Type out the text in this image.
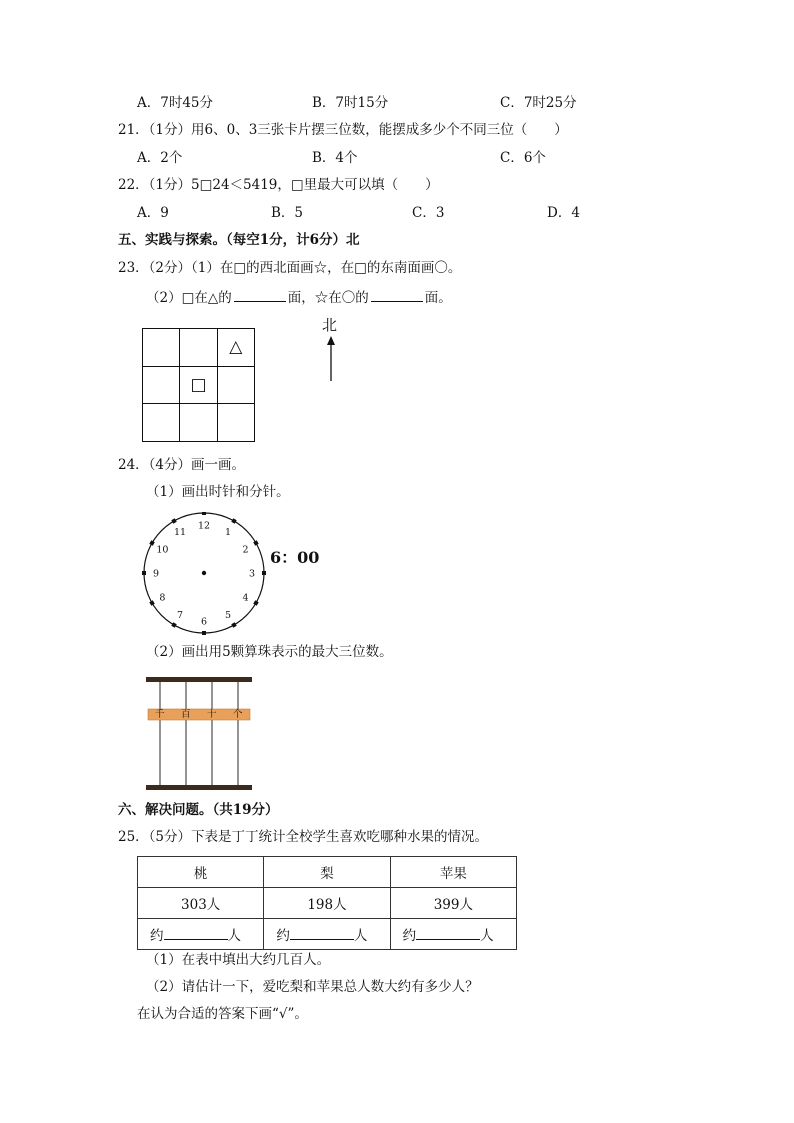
A．7时45分	B．7时15分	C．7时25分
21．（1分）用6、0、3三张卡片摆三位数，能摆成多少个不同三位（　　）
A．2个	B．4个	C．6个
22．（1分）5□24＜5419，□里最大可以填（　　）
A．9	B．5	C．3	D．4
五、实践与探索。（每空1分，计6分）北
23．（2分）（1）在□的西北面画☆，在□的东南面画〇。
（2）□在△的	面，☆在〇的	面。
		△
	□	

北
24．（4分）画一画。
（1）画出时针和分针。
12
1
2
3
4
5
6
7
8
9
10
11
6：00
（2）画出用5颗算珠表示的最大三位数。
千 百 十 个
六、解决问题。（共19分）
25．（5分）下表是丁丁统计全校学生喜欢吃哪种水果的情况。
桃	梨	苹果
303人	198人	399人
约 人	约 人	约 人
（1）在表中填出大约几百人。
（2）请估计一下，爱吃梨和苹果总人数大约有多少人？
在认为合适的答案下画“√”。
